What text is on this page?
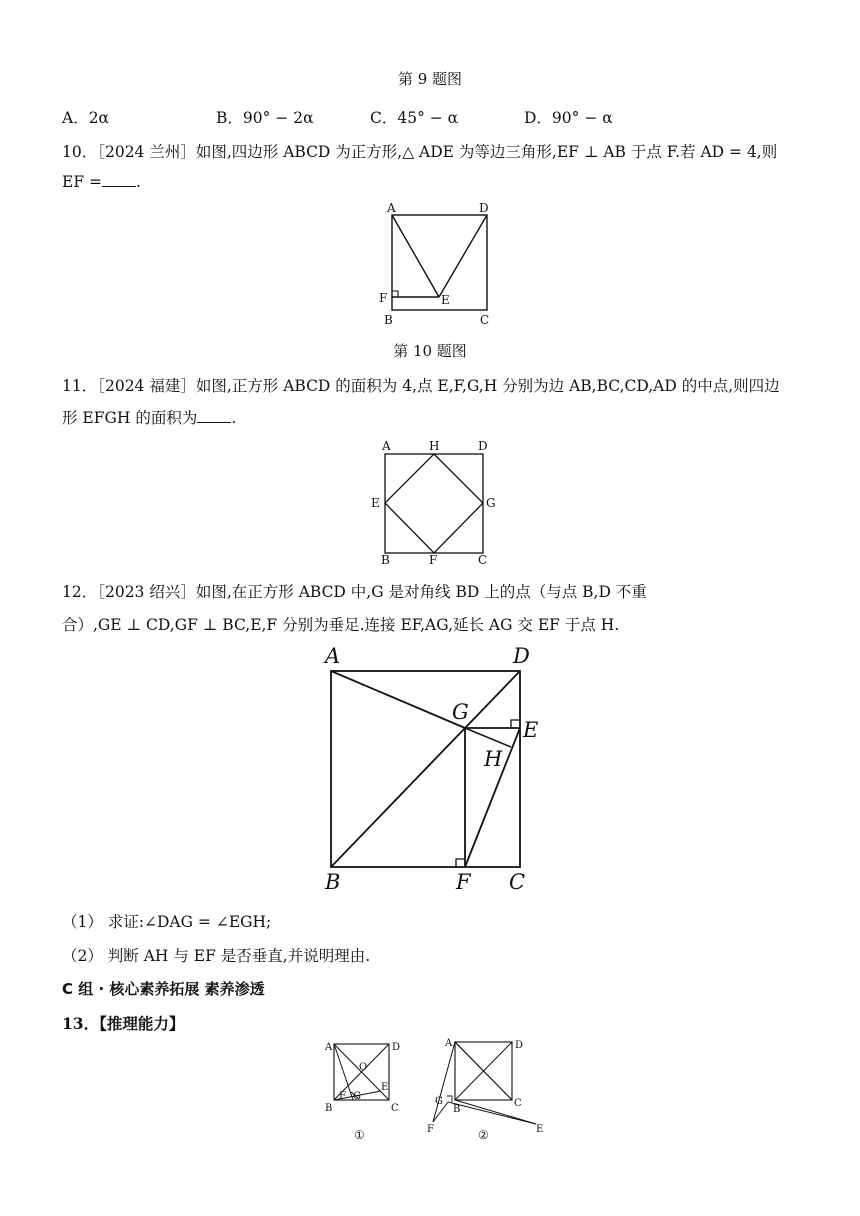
第 9 题图
A．2α	B．90° − 2α	C．45° − α	D．90° − α
10．［2024 兰州］如图,四边形 ABCD 为正方形,△ ADE 为等边三角形,EF ⊥ AB 于点 F.若 AD = 4,则
EF = .
A	D
F	E
B	C
第 10 题图
11．［2024 福建］如图,正方形 ABCD 的面积为 4,点 E,F,G,H 分别为边 AB,BC,CD,AD 的中点,则四边
形 EFGH 的面积为 .
A	H	D
E	G
B	F	C
12．［2023 绍兴］如图,在正方形 ABCD 中,G 是对角线 BD 上的点（与点 B,D 不重
合）,GE ⊥ CD,GF ⊥ BC,E,F 分别为垂足.连接 EF,AG,延长 AG 交 EF 于点 H.
A	D
G
E
H
B	F C
（1） 求证:∠DAG = ∠EGH;
（2） 判断 AH 与 EF 是否垂直,并说明理由.
C 组 · 核心素养拓展 素养渗透
13．【推理能力】
A	D
O
E
F G
B	C
①
A	D
G
B
C
F	E
②
